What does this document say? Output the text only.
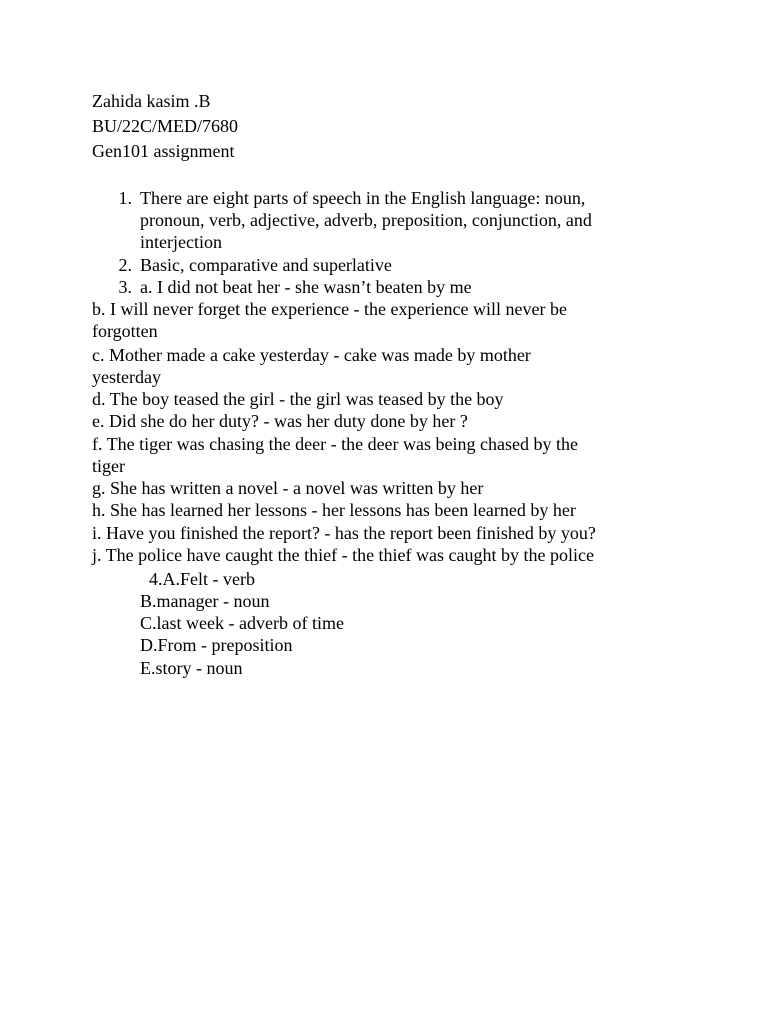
Zahida kasim .B
BU/22C/MED/7680
Gen101 assignment
1. There are eight parts of speech in the English language: noun,
pronoun, verb, adjective, adverb, preposition, conjunction, and
interjection
2. Basic, comparative and superlative
3. a. I did not beat her - she wasn’t beaten by me
b. I will never forget the experience - the experience will never be
forgotten
c. Mother made a cake yesterday - cake was made by mother
yesterday
d. The boy teased the girl - the girl was teased by the boy
e. Did she do her duty? - was her duty done by her ?
f. The tiger was chasing the deer - the deer was being chased by the
tiger
g. She has written a novel - a novel was written by her
h. She has learned her lessons - her lessons has been learned by her
i. Have you finished the report? - has the report been finished by you?
j. The police have caught the thief - the thief was caught by the police
4.A.Felt - verb
B.manager - noun
C.last week - adverb of time
D.From - preposition
E.story - noun
